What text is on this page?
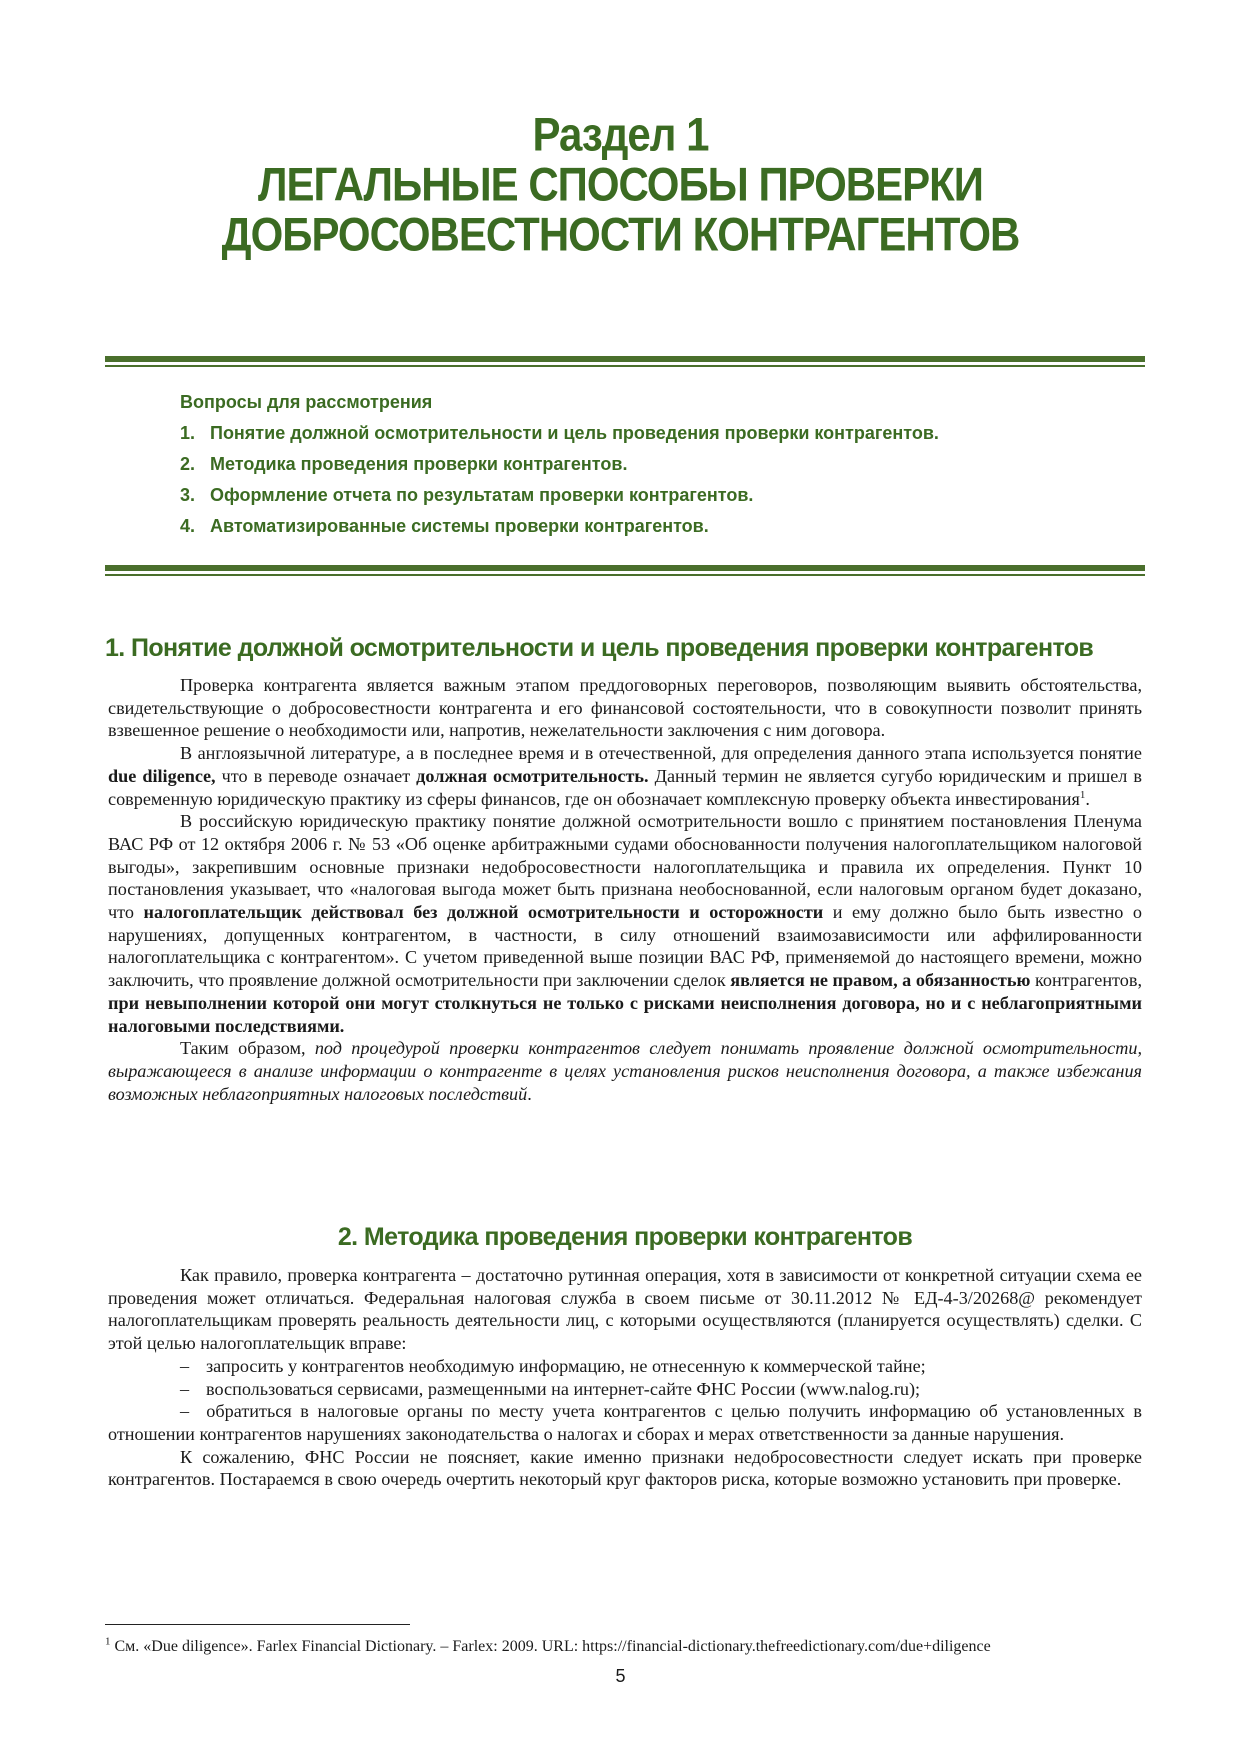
Раздел 1
ЛЕГАЛЬНЫЕ СПОСОБЫ ПРОВЕРКИ
ДОБРОСОВЕСТНОСТИ КОНТРАГЕНТОВ
Вопросы для рассмотрения
1. Понятие должной осмотрительности и цель проведения проверки контрагентов.
2. Методика проведения проверки контрагентов.
3. Оформление отчета по результатам проверки контрагентов.
4. Автоматизированные системы проверки контрагентов.
1. Понятие должной осмотрительности и цель проведения проверки контрагентов

Проверка контрагента является важным этапом преддоговорных переговоров, позволяющим выявить обстоятельства, свидетельствующие о добросовестности контрагента и его финансовой состоятельности, что в совокупности позволит принять взвешенное решение о необходимости или, напротив, нежелательности заключения с ним договора.

В англоязычной литературе, а в последнее время и в отечественной, для определения данного этапа используется понятие due diligence, что в переводе означает должная осмотрительность. Данный термин не является сугубо юридическим и пришел в современную юридическую практику из сферы финансов, где он обозначает комплексную проверку объекта инвестирования$^1$.

В российскую юридическую практику понятие должной осмотрительности вошло с принятием постановления Пленума ВАС РФ от 12 октября 2006 г. № 53 «Об оценке арбитражными судами обоснованности получения налогоплательщиком налоговой выгоды», закрепившим основные признаки недобросовестности налогоплательщика и правила их определения. Пункт 10 постановления указывает, что «налоговая выгода может быть признана необоснованной, если налоговым органом будет доказано, что налогоплательщик действовал без должной осмотрительности и осторожности и ему должно было быть известно о нарушениях, допущенных контрагентом, в частности, в силу отношений взаимозависимости или аффилированности налогоплательщика с контрагентом». С учетом приведенной выше позиции ВАС РФ, применяемой до настоящего времени, можно заключить, что проявление должной осмотрительности при заключении сделок является не правом, а обязанностью контрагентов, при невыполнении которой они могут столкнуться не только с рисками неисполнения договора, но и с неблагоприятными налоговыми последствиями.

Таким образом, под процедурой проверки контрагентов следует понимать проявление должной осмотрительности, выражающееся в анализе информации о контрагенте в целях установления рисков неисполнения договора, а также избежания возможных неблагоприятных налоговых последствий.

2. Методика проведения проверки контрагентов

Как правило, проверка контрагента – достаточно рутинная операция, хотя в зависимости от конкретной ситуации схема ее проведения может отличаться. Федеральная налоговая служба в своем письме от 30.11.2012 № ЕД-4-3/20268@ рекомендует налогоплательщикам проверять реальность деятельности лиц, с которыми осуществляются (планируется осуществлять) сделки. С этой целью налогоплательщик вправе:

– запросить у контрагентов необходимую информацию, не отнесенную к коммерческой тайне;
– воспользоваться сервисами, размещенными на интернет-сайте ФНС России (www.nalog.ru);

– обратиться в налоговые органы по месту учета контрагентов с целью получить информацию об установленных в отношении контрагентов нарушениях законодательства о налогах и сборах и мерах ответственности за данные нарушения.

К сожалению, ФНС России не поясняет, какие именно признаки недобросовестности следует искать при проверке контрагентов. Постараемся в свою очередь очертить некоторый круг факторов риска, которые возможно установить при проверке.

$^1$ См. «Due diligence». Farlex Financial Dictionary. – Farlex: 2009. URL: https://financial-dictionary.thefreedictionary.com/due+diligence
5
